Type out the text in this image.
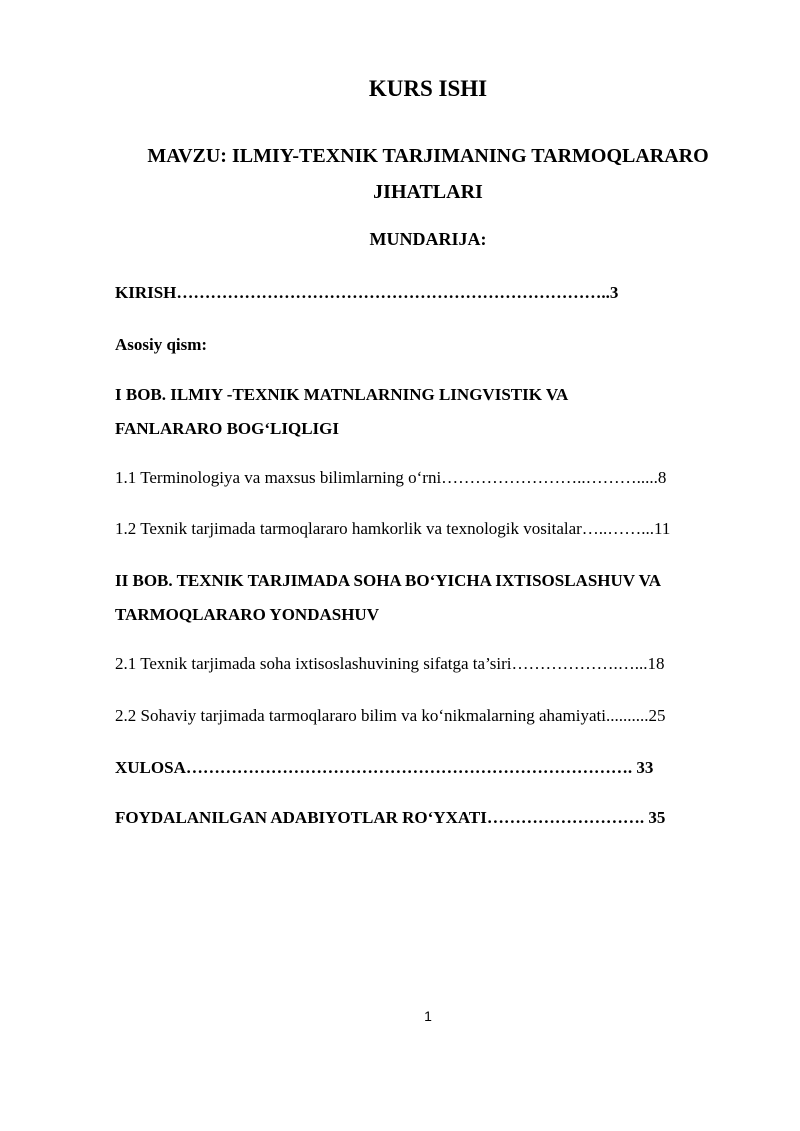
KURS ISHI
MAVZU: ILMIY-TEXNIK TARJIMANING TARMOQLARARO
JIHATLARI
MUNDARIJA:
KIRISH…………………………………………………………………..3
Asosiy qism:
I BOB. ILMIY -TEXNIK MATNLARNING LINGVISTIK VA
FANLARARO BOG‘LIQLIGI
1.1 Terminologiya va maxsus bilimlarning o‘rni……………………..……….....8
1.2 Texnik tarjimada tarmoqlararo hamkorlik va texnologik vositalar…..……...11
II BOB. TEXNIK TARJIMADA SOHA BO‘YICHA IXTISOSLASHUV VA
TARMOQLARARO YONDASHUV
2.1 Texnik tarjimada soha ixtisoslashuvining sifatga ta’siri……………….…...18
2.2 Sohaviy tarjimada tarmoqlararo bilim va ko‘nikmalarning ahamiyati..........25
XULOSA……………………………………………………………………. 33
FOYDALANILGAN ADABIYOTLAR RO‘YXATI………………………. 35
1
